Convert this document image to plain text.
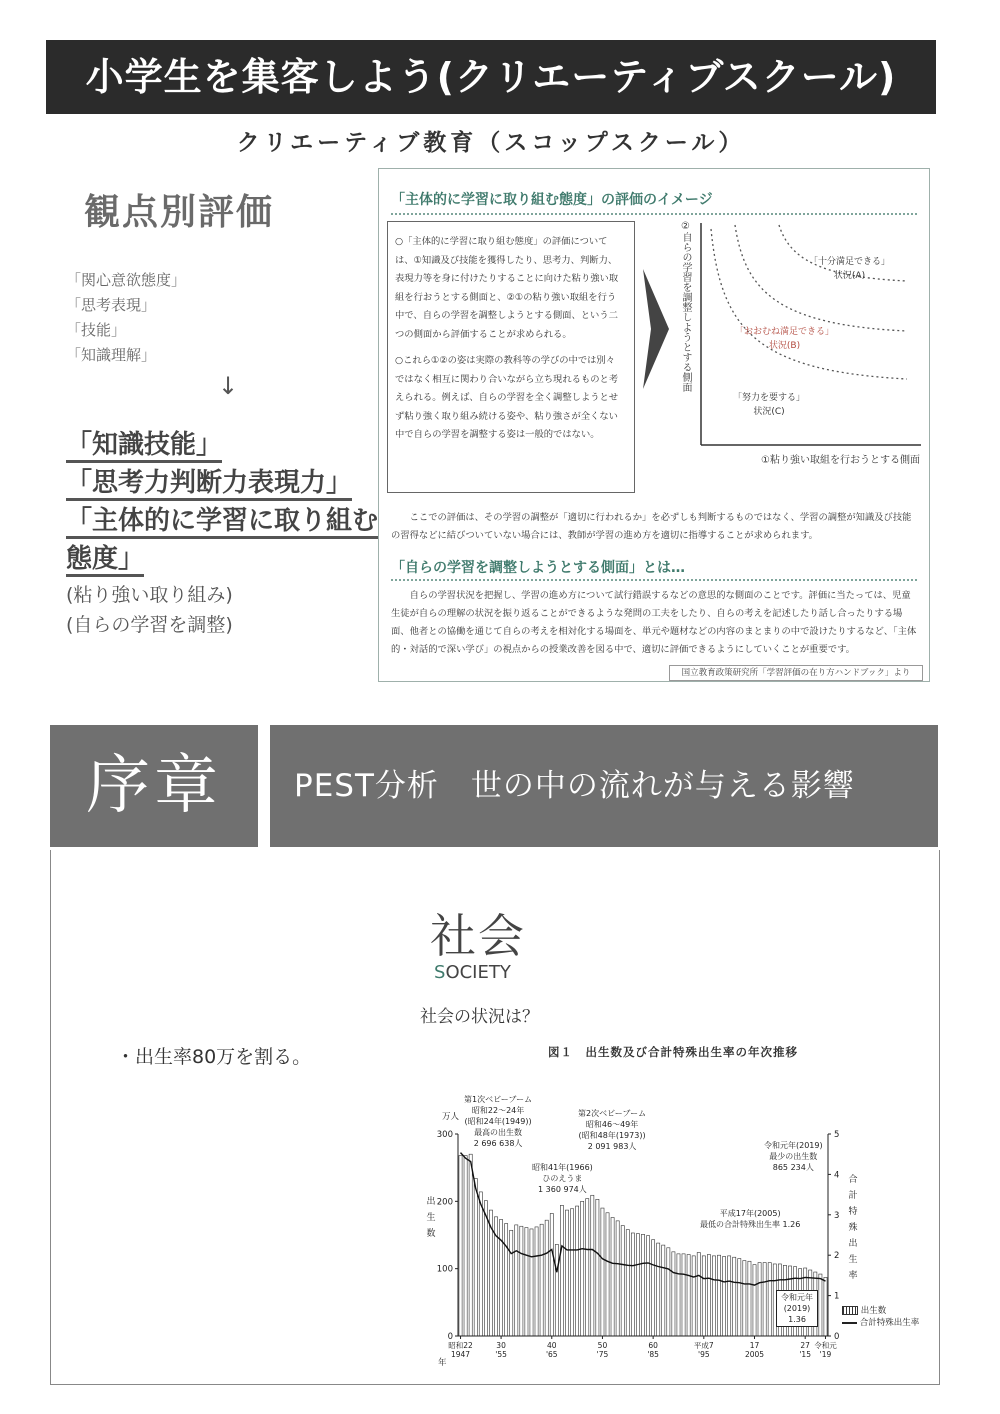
小学生を集客しよう(クリエーティブスクール)
クリエーティブ教育（スコップスクール）
観点別評価
「関心意欲態度」
「思考表現」
「技能」
「知識理解」
↓
「知識技能」
「思考力判断力表現力」
「主体的に学習に取り組む態度」
(粘り強い取り組み)
(自らの学習を調整)
「主体的に学習に取り組む態度」の評価のイメージ

○「主体的に学習に取り組む態度」の評価については、①知識及び技能を獲得したり、思考力、判断力、表現力等を身に付けたりすることに向けた粘り強い取組を行おうとする側面と、②①の粘り強い取組を行う中で、自らの学習を調整しようとする側面、という二つの側面から評価することが求められる。

○これら①②の姿は実際の教科等の学びの中では別々ではなく相互に関わり合いながら立ち現れるものと考えられる。例えば、自らの学習を全く調整しようとせず粘り強く取り組み続ける姿や、粘り強さが全くない中で自らの学習を調整する姿は一般的ではない。

②自らの学習を調整しようとする側面
①粘り強い取組を行おうとする側面
「十分満足できる」
状況(A)
「おおむね満足できる」
状況(B)
「努力を要する」
状況(C)

ここでの評価は、その学習の調整が「適切に行われるか」を必ずしも判断するものではなく、学習の調整が知識及び技能の習得などに結びついていない場合には、教師が学習の進め方を適切に指導することが求められます。

「自らの学習を調整しようとする側面」とは…

自らの学習状況を把握し、学習の進め方について試行錯誤するなどの意思的な側面のことです。評価に当たっては、児童生徒が自らの理解の状況を振り返ることができるような発問の工夫をしたり、自らの考えを記述したり話し合ったりする場面、他者との協働を通じて自らの考えを相対化する場面を、単元や題材などの内容のまとまりの中で設けたりするなど、「主体的・対話的で深い学び」の視点からの授業改善を図る中で、適切に評価できるようにしていくことが重要です。

国立教育政策研究所「学習評価の在り方ハンドブック」より
序章	PEST分析　世の中の流れが与える影響
社会
SOCIETY
社会の状況は？
・出生率80万を割る。	図１　出生数及び合計特殊出生率の年次推移
300
200
100
0
5
4
3
2
1
0
昭和22
1947
30
'55
40
'65
50
'75
60
'85
平成7
'95
17
2005
27
'15
令和元
'19
万人
出
生
数
合
計
特
殊
出
生
率
年
第1次ベビーブーム
昭和22〜24年
(昭和24年(1949))
最高の出生数
2 696 638人
昭和41年(1966)
ひのえうま
1 360 974人
第2次ベビーブーム
昭和46〜49年
(昭和48年(1973))
2 091 983人	令和元年(2019)
最少の出生数
865 234人
平成17年(2005)
最低の合計特殊出生率 1.26
令和元年
(2019)
1.36
出生数
合計特殊出生率
